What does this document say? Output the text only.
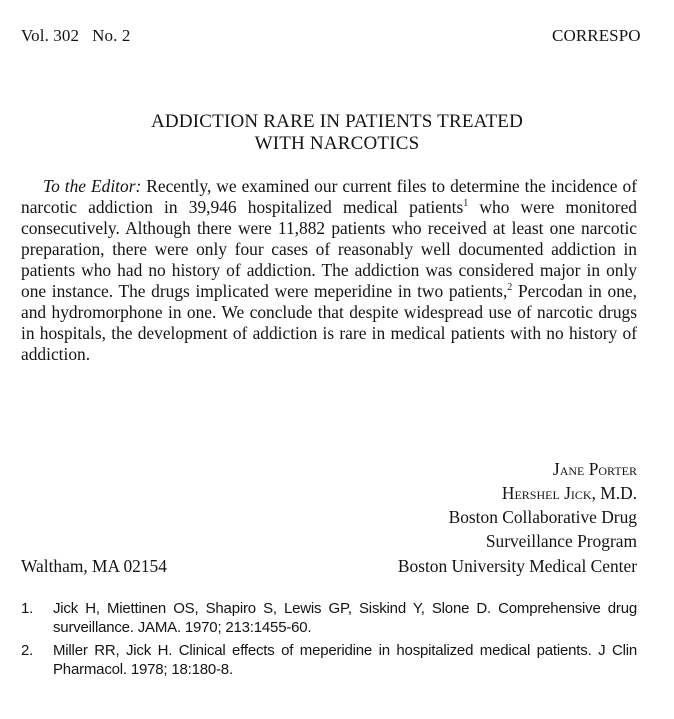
Vol. 302   No. 2	CORRESPO
ADDICTION RARE IN PATIENTS TREATED
WITH NARCOTICS
To the Editor: Recently, we examined our current files to determine the incidence of narcotic addiction in 39,946 hospitalized medical patients$^1$ who were monitored consecutively. Although there were 11,882 patients who received at least one narcotic preparation, there were only four cases of reasonably well documented addiction in patients who had no history of addiction. The addiction was considered major in only one instance. The drugs implicated were meperidine in two patients,$^2$ Percodan in one, and hydromorphone in one. We conclude that despite widespread use of narcotic drugs in hospitals, the development of addiction is rare in medical patients with no history of addiction.
Jane Porter
Hershel Jick, M.D.
Boston Collaborative Drug
Surveillance Program
Boston University Medical Center
Waltham, MA 02154
1. Jick H, Miettinen OS, Shapiro S, Lewis GP, Siskind Y, Slone D. Comprehensive drug surveillance. JAMA. 1970; 213:1455-60.
2. Miller RR, Jick H. Clinical effects of meperidine in hospitalized medical patients. J Clin Pharmacol. 1978; 18:180-8.
